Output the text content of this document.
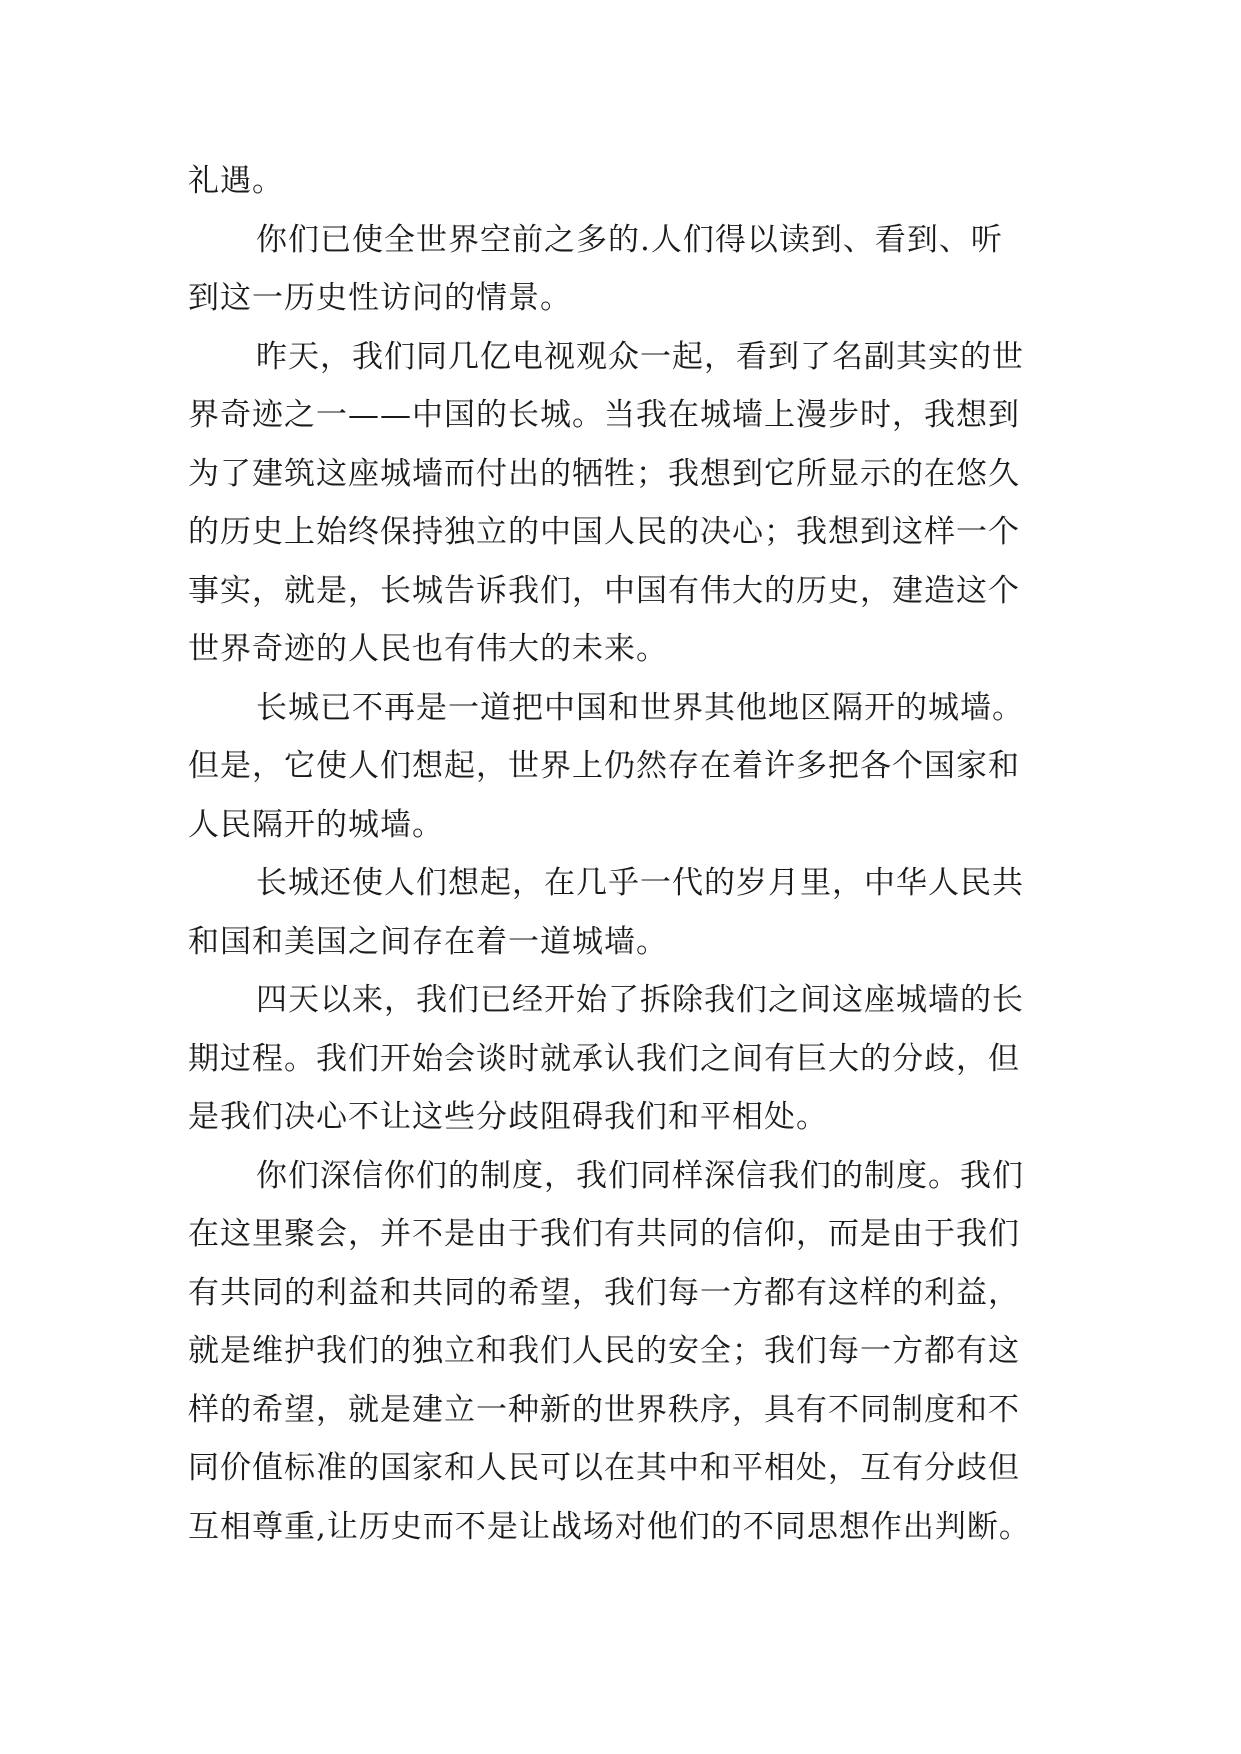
礼遇。
你们已使全世界空前之多的.人们得以读到、看到、听
到这一历史性访问的情景。
昨天，我们同几亿电视观众一起，看到了名副其实的世
界奇迹之一——中国的长城。当我在城墙上漫步时，我想到
为了建筑这座城墙而付出的牺牲；我想到它所显示的在悠久
的历史上始终保持独立的中国人民的决心；我想到这样一个
事实，就是，长城告诉我们，中国有伟大的历史，建造这个
世界奇迹的人民也有伟大的未来。
长城已不再是一道把中国和世界其他地区隔开的城墙。
但是，它使人们想起，世界上仍然存在着许多把各个国家和
人民隔开的城墙。
长城还使人们想起，在几乎一代的岁月里，中华人民共
和国和美国之间存在着一道城墙。
四天以来，我们已经开始了拆除我们之间这座城墙的长
期过程。我们开始会谈时就承认我们之间有巨大的分歧，但
是我们决心不让这些分歧阻碍我们和平相处。
你们深信你们的制度，我们同样深信我们的制度。我们
在这里聚会，并不是由于我们有共同的信仰，而是由于我们
有共同的利益和共同的希望，我们每一方都有这样的利益，
就是维护我们的独立和我们人民的安全；我们每一方都有这
样的希望，就是建立一种新的世界秩序，具有不同制度和不
同价值标准的国家和人民可以在其中和平相处，互有分歧但
互相尊重,让历史而不是让战场对他们的不同思想作出判断。
